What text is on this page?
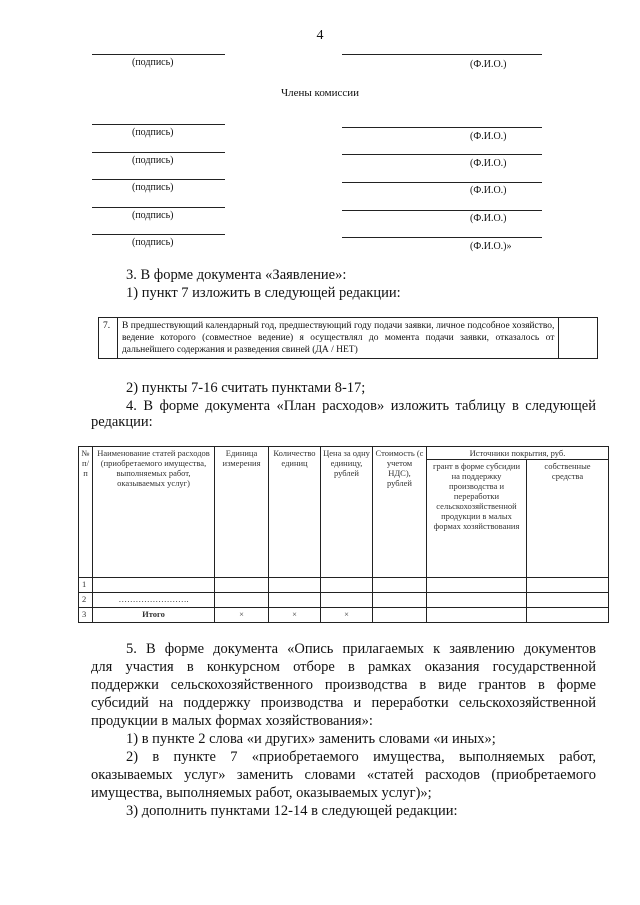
4
(подпись)	(Ф.И.О.)
Члены комиссии
(подпись)	(Ф.И.О.)
(подпись)	(Ф.И.О.)
(подпись)	(Ф.И.О.)
(подпись)	(Ф.И.О.)
(подпись)	(Ф.И.О.)»
3. В форме документа «Заявление»:
1) пункт 7 изложить в следующей редакции:
7.	В предшествующий календарный год, предшествующий году подачи заявки, личное подсобное хозяйство, ведение которого (совместное ведение) я осуществлял до момента подачи заявки, отказалось от дальнейшего содержания и разведения свиней (ДА / НЕТ)	
2) пункты 7-16 считать пунктами 8-17;
4. В форме документа «План расходов» изложить таблицу в следующей
редакции:
№ п/п	Наименование статей расходов (приобретаемого имущества, выполняемых работ, оказываемых услуг)	Единица измерения	Количество единиц	Цена за одну единицу, рублей	Стоимость (с учетом НДС), рублей	Источники покрытия, руб.	
						грант в форме субсидии на поддержку производства и переработки сельскохозяйственной продукции в малых формах хозяйствования	собственные средства
1							
2	…………………….						
3	Итого	×	×	×			
5. В форме документа «Опись прилагаемых к заявлению документов
для участия в конкурсном отборе в рамках оказания государственной
поддержки сельскохозяйственного производства в виде грантов в форме
субсидий на поддержку производства и переработки сельскохозяйственной
продукции в малых формах хозяйствования»:
1) в пункте 2 слова «и других» заменить словами «и иных»;
2) в пункте 7 «приобретаемого имущества, выполняемых работ,
оказываемых услуг» заменить словами «статей расходов (приобретаемого
имущества, выполняемых работ, оказываемых услуг)»;
3) дополнить пунктами 12-14 в следующей редакции:
